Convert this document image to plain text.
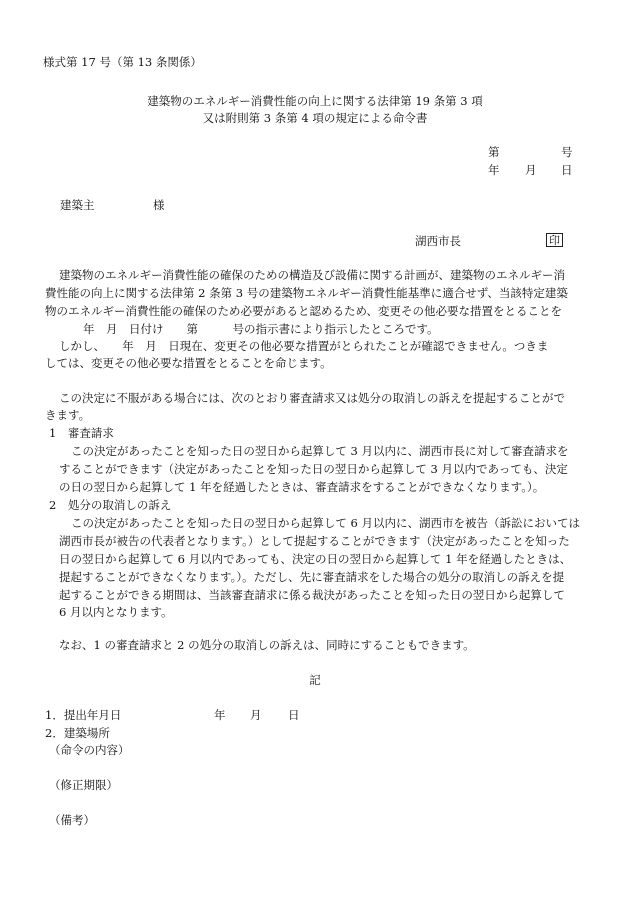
様式第 17 号（第 13 条関係）
建築物のエネルギー消費性能の向上に関する法律第 19 条第 3 項
又は附則第 3 条第 4 項の規定による命令書
第	号
年 月 日
建築主	様
湖西市長	印
建築物のエネルギー消費性能の確保のための構造及び設備に関する計画が、建築物のエネルギー消
費性能の向上に関する法律第 2 条第 3 号の建築物エネルギー消費性能基準に適合せず、当該特定建築
物のエネルギー消費性能の確保のため必要があると認めるため、変更その他必要な措置をとることを
年　月　日付け　　第　　　号の指示書により指示したところです。
しかし、　　年　月　日現在、変更その他必要な措置がとられたことが確認できません。つきま
しては、変更その他必要な措置をとることを命じます。
この決定に不服がある場合には、次のとおり審査請求又は処分の取消しの訴えを提起することがで
きます。
1　審査請求
この決定があったことを知った日の翌日から起算して 3 月以内に、湖西市長に対して審査請求を
することができます（決定があったことを知った日の翌日から起算して 3 月以内であっても、決定
の日の翌日から起算して 1 年を経過したときは、審査請求をすることができなくなります。）。
2　処分の取消しの訴え
この決定があったことを知った日の翌日から起算して 6 月以内に、湖西市を被告（訴訟においては
湖西市長が被告の代表者となります。）として提起することができます（決定があったことを知った
日の翌日から起算して 6 月以内であっても、決定の日の翌日から起算して 1 年を経過したときは、
提起することができなくなります。）。ただし、先に審査請求をした場合の処分の取消しの訴えを提
起することができる期間は、当該審査請求に係る裁決があったことを知った日の翌日から起算して
6 月以内となります。
なお、1 の審査請求と 2 の処分の取消しの訴えは、同時にすることもできます。
記
1．提出年月日	年 月 日
2．建築場所
（命令の内容）
（修正期限）
（備考）
